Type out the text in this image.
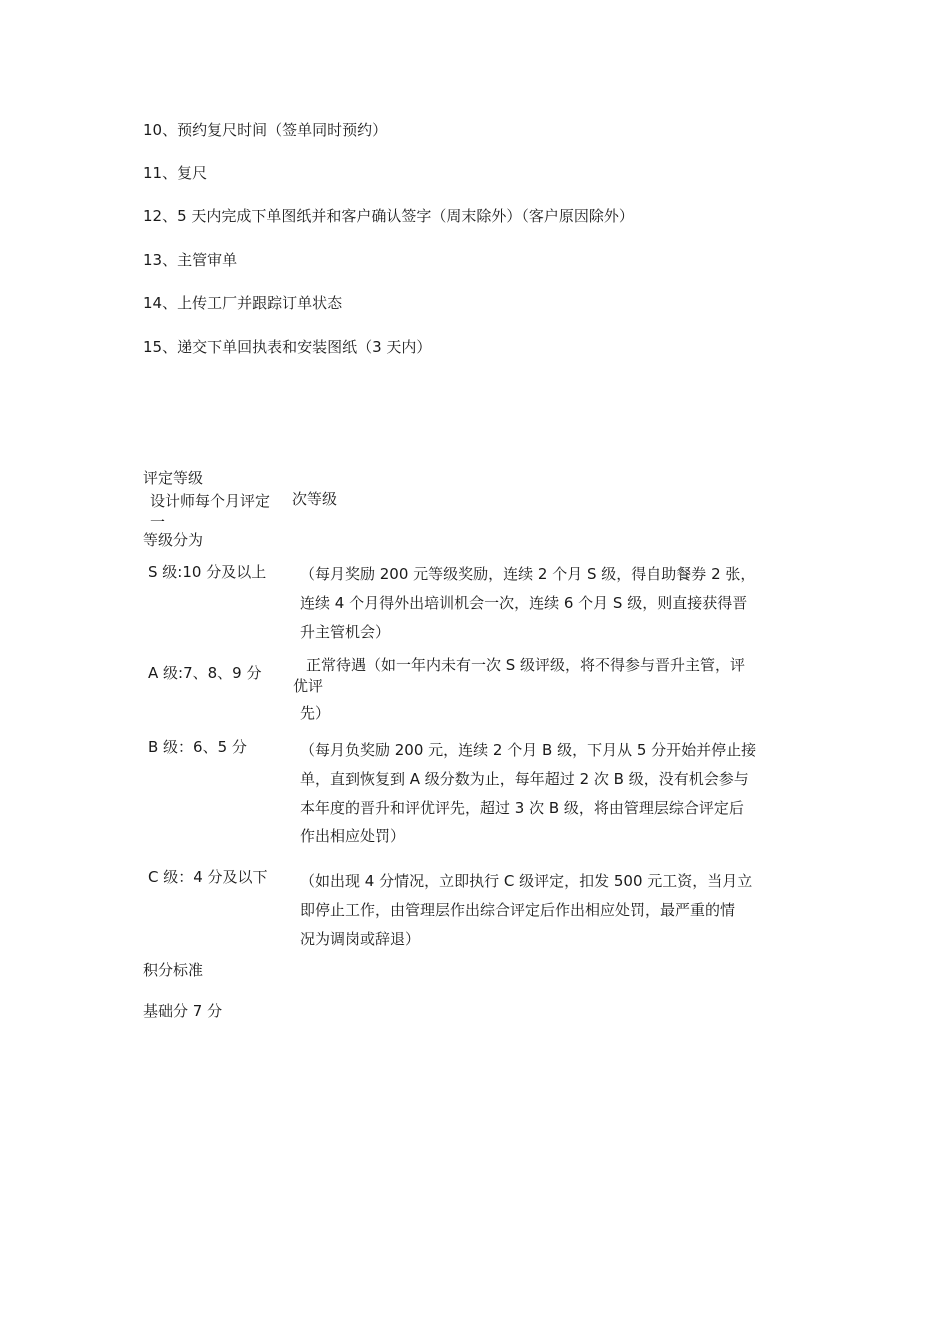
10、预约复尺时间（签单同时预约）

11、复尺

12、5 天内完成下单图纸并和客户确认签字（周末除外）（客户原因除外）

13、主管审单

14、上传工厂并跟踪订单状态

15、递交下单回执表和安装图纸（3 天内）

评定等级

设计师每个月评定一

次等级

等级分为

S 级:10 分及以上 （每月奖励 200 元等级奖励，连续 2 个月 S 级，得自助餐券 2 张，

连续 4 个月得外出培训机会一次，连续 6 个月 S 级，则直接获得晋

升主管机会）

A 级:7、8、9 分	正常待遇（如一年内未有一次 S 级评级，将不得参与晋升主管，评

优评

先）

B 级：6、5 分	（每月负奖励 200 元，连续 2 个月 B 级，下月从 5 分开始并停止接

单，直到恢复到 A 级分数为止，每年超过 2 次 B 级，没有机会参与

本年度的晋升和评优评先，超过 3 次 B 级，将由管理层综合评定后

作出相应处罚）

C 级：4 分及以下 （如出现 4 分情况，立即执行 C 级评定，扣发 500 元工资，当月立

即停止工作，由管理层作出综合评定后作出相应处罚，最严重的情

况为调岗或辞退）

积分标准

基础分 7 分
